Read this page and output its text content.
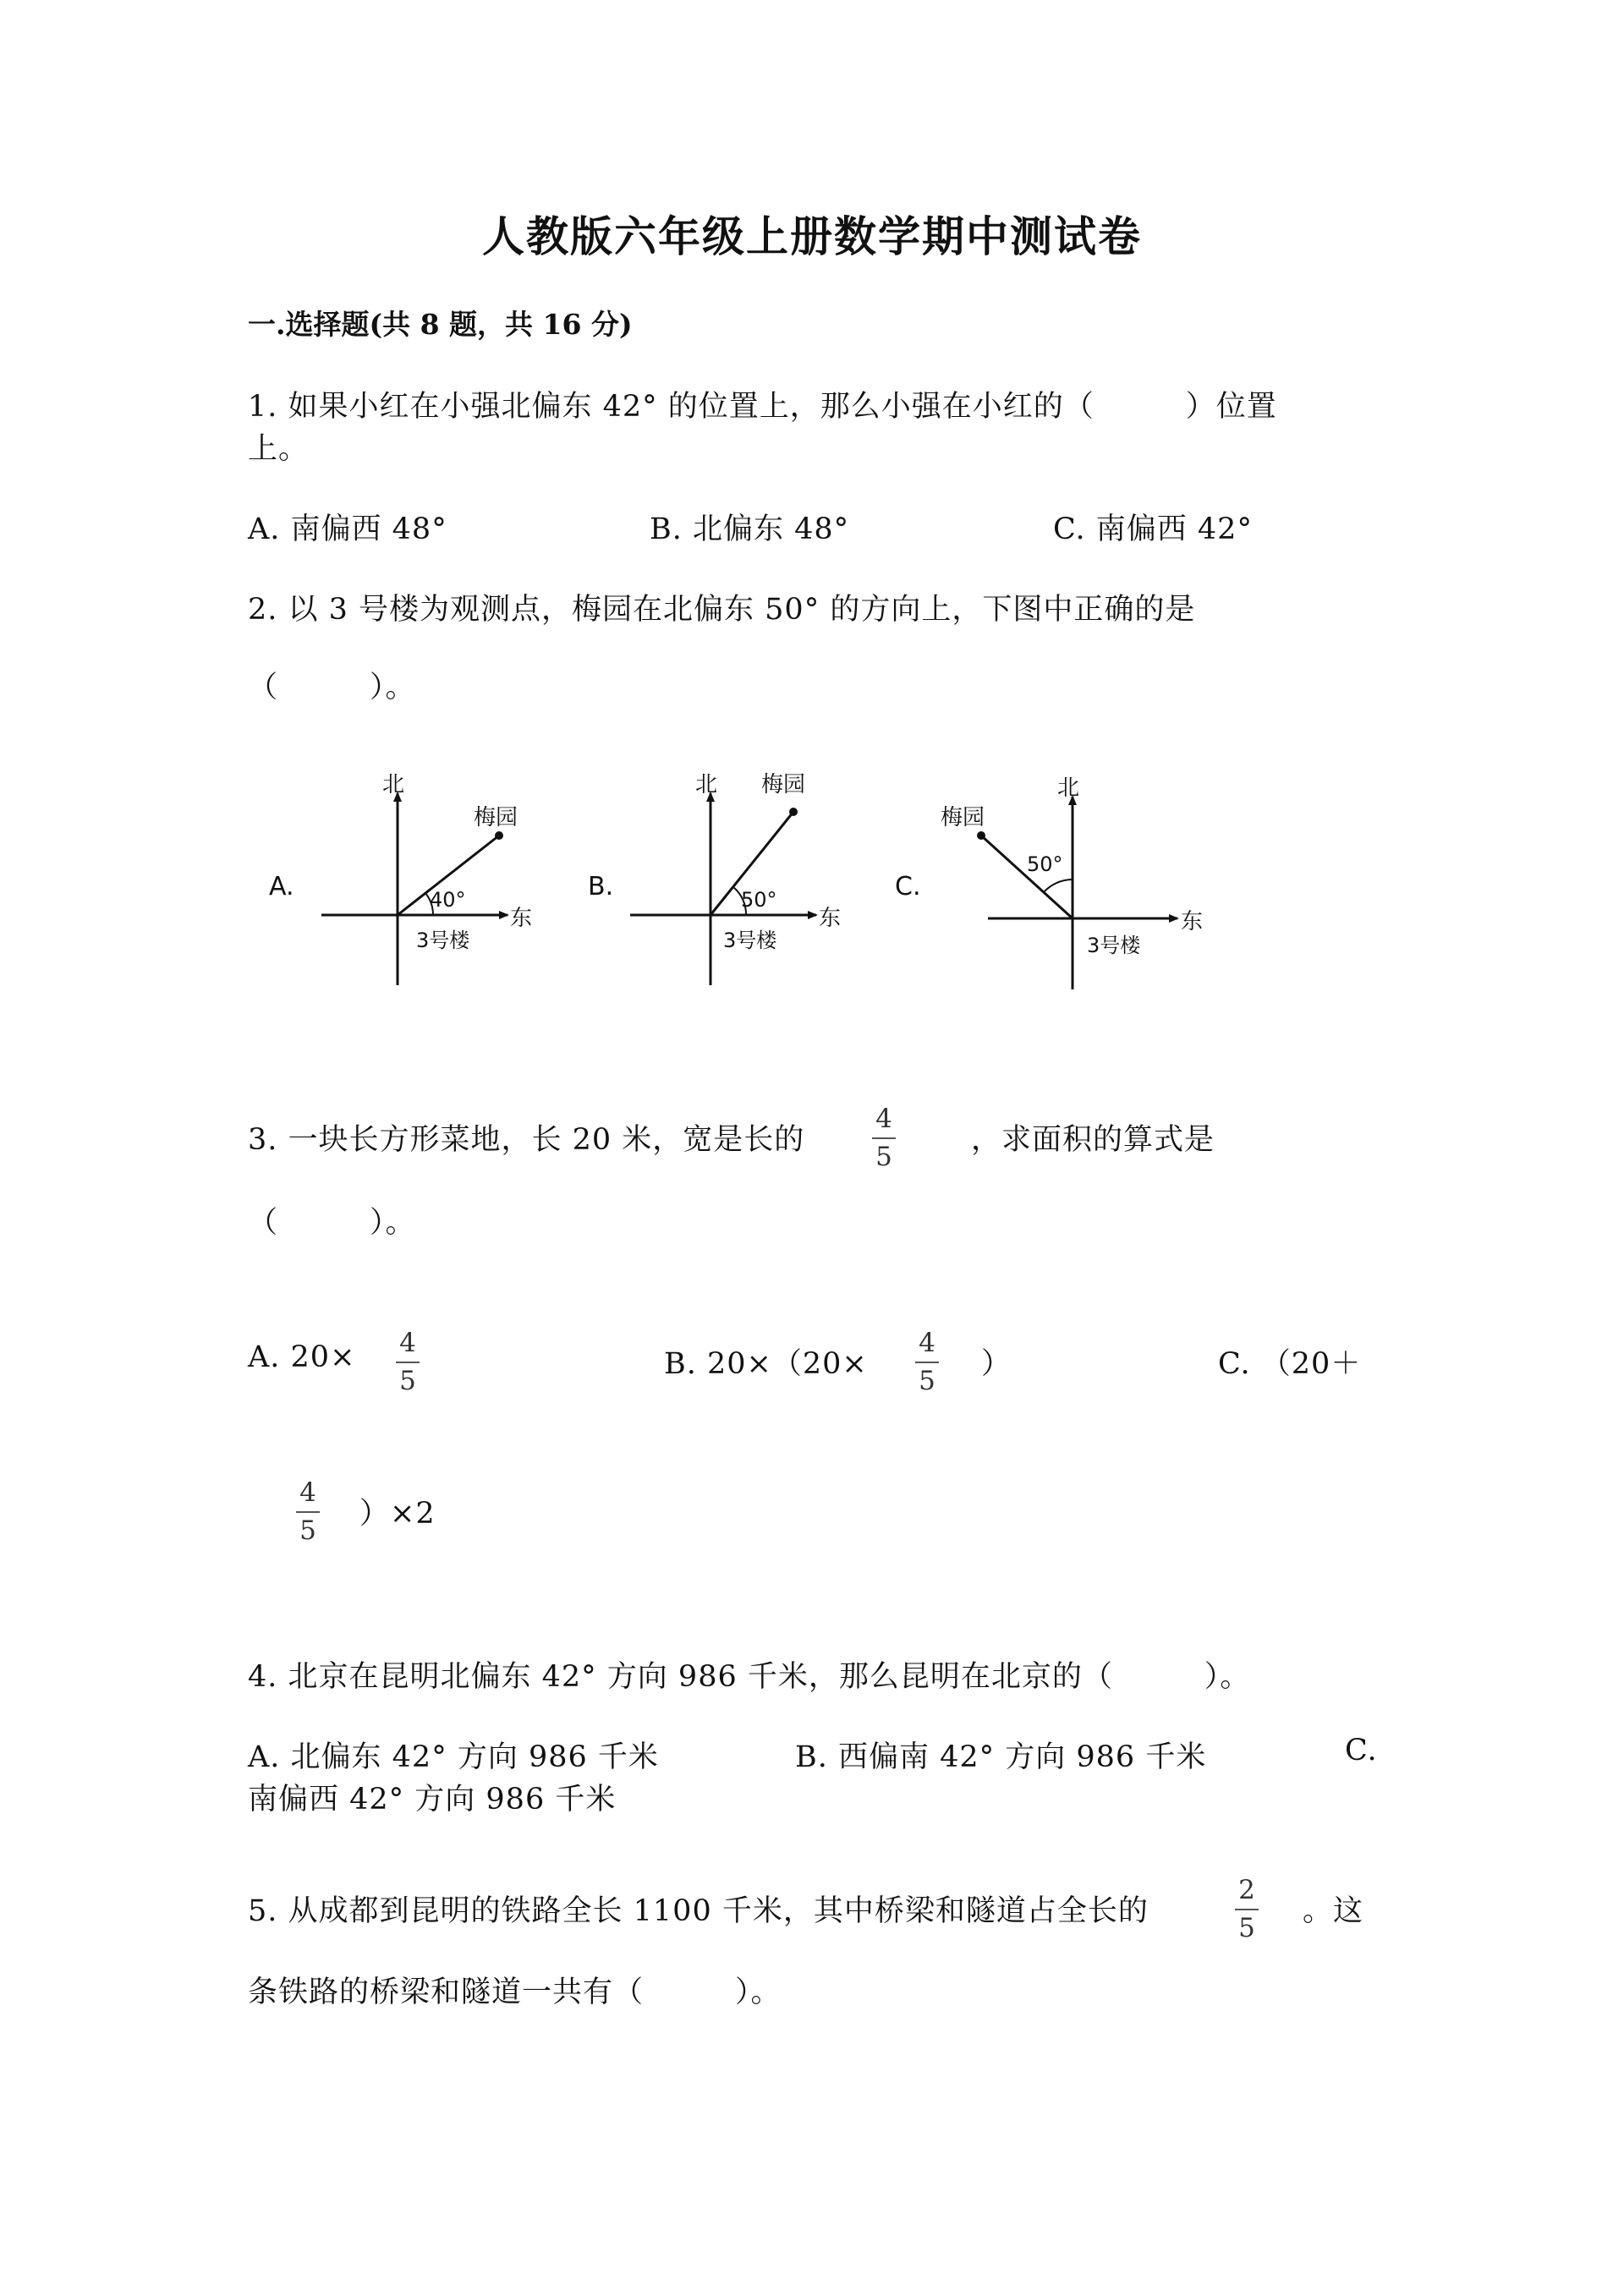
人教版六年级上册数学期中测试卷
一.选择题(共 8 题，共 16 分)
1. 如果小红在小强北偏东 42° 的位置上，那么小强在小红的（　　　）位置
上。
A. 南偏西 48°	B. 北偏东 48°	C. 南偏西 42°
2. 以 3 号楼为观测点，梅园在北偏东 50° 的方向上，下图中正确的是
（　　　）。
A.
北
梅园
40°
东
3号楼
B.
北 梅园
50°
东
3号楼
C.
北
梅园
50°
东
3号楼
3. 一块长方形菜地，长 20 米，宽是长的
4
5	，求面积的算式是
（　　　）。
A. 20×	4
5	B. 20×（20×
4
5 ）	C. （20＋
4
5 ）×2
4. 北京在昆明北偏东 42° 方向 986 千米，那么昆明在北京的（　　　）。
A. 北偏东 42° 方向 986 千米	B. 西偏南 42° 方向 986 千米	C.
南偏西 42° 方向 986 千米
5. 从成都到昆明的铁路全长 1100 千米，其中桥梁和隧道占全长的
2
5 。这
条铁路的桥梁和隧道一共有（　　　）。
